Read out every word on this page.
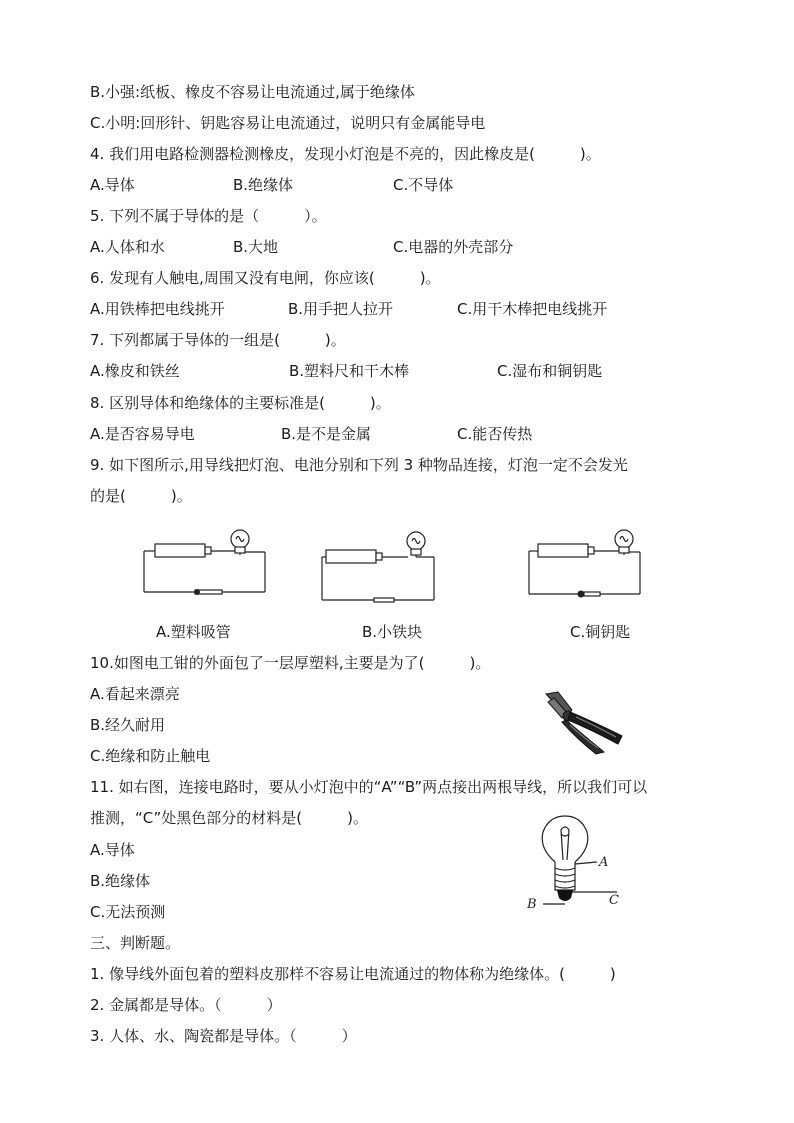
B.小强:纸板、橡皮不容易让电流通过,属于绝缘体
C.小明:回形针、钥匙容易让电流通过，说明只有金属能导电
4. 我们用电路检测器检测橡皮，发现小灯泡是不亮的，因此橡皮是(　　　)。
A.导体	B.绝缘体	C.不导体
5. 下列不属于导体的是（　　　）。
A.人体和水	B.大地	C.电器的外壳部分
6. 发现有人触电,周围又没有电闸，你应该(　　　)。
A.用铁棒把电线挑开	B.用手把人拉开	C.用干木棒把电线挑开
7. 下列都属于导体的一组是(　　　)。
A.橡皮和铁丝	B.塑料尺和干木棒	C.湿布和铜钥匙
8. 区别导体和绝缘体的主要标准是(　　　)。
A.是否容易导电	B.是不是金属	C.能否传热
9. 如下图所示,用导线把灯泡、电池分别和下列 3 种物品连接，灯泡一定不会发光
的是(　　　)。
A.塑料吸管	B.小铁块	C.铜钥匙
10.如图电工钳的外面包了一层厚塑料,主要是为了(　　　)。
A.看起来漂亮
B.经久耐用
C.绝缘和防止触电
11. 如右图，连接电路时，要从小灯泡中的“A”“B”两点接出两根导线，所以我们可以
推测，“C”处黑色部分的材料是(　　　)。
A.导体
B.绝缘体
C.无法预测
A
C
B
三、判断题。
1. 像导线外面包着的塑料皮那样不容易让电流通过的物体称为绝缘体。(　　　)
2. 金属都是导体。（　　　）
3. 人体、水、陶瓷都是导体。（　　　）
